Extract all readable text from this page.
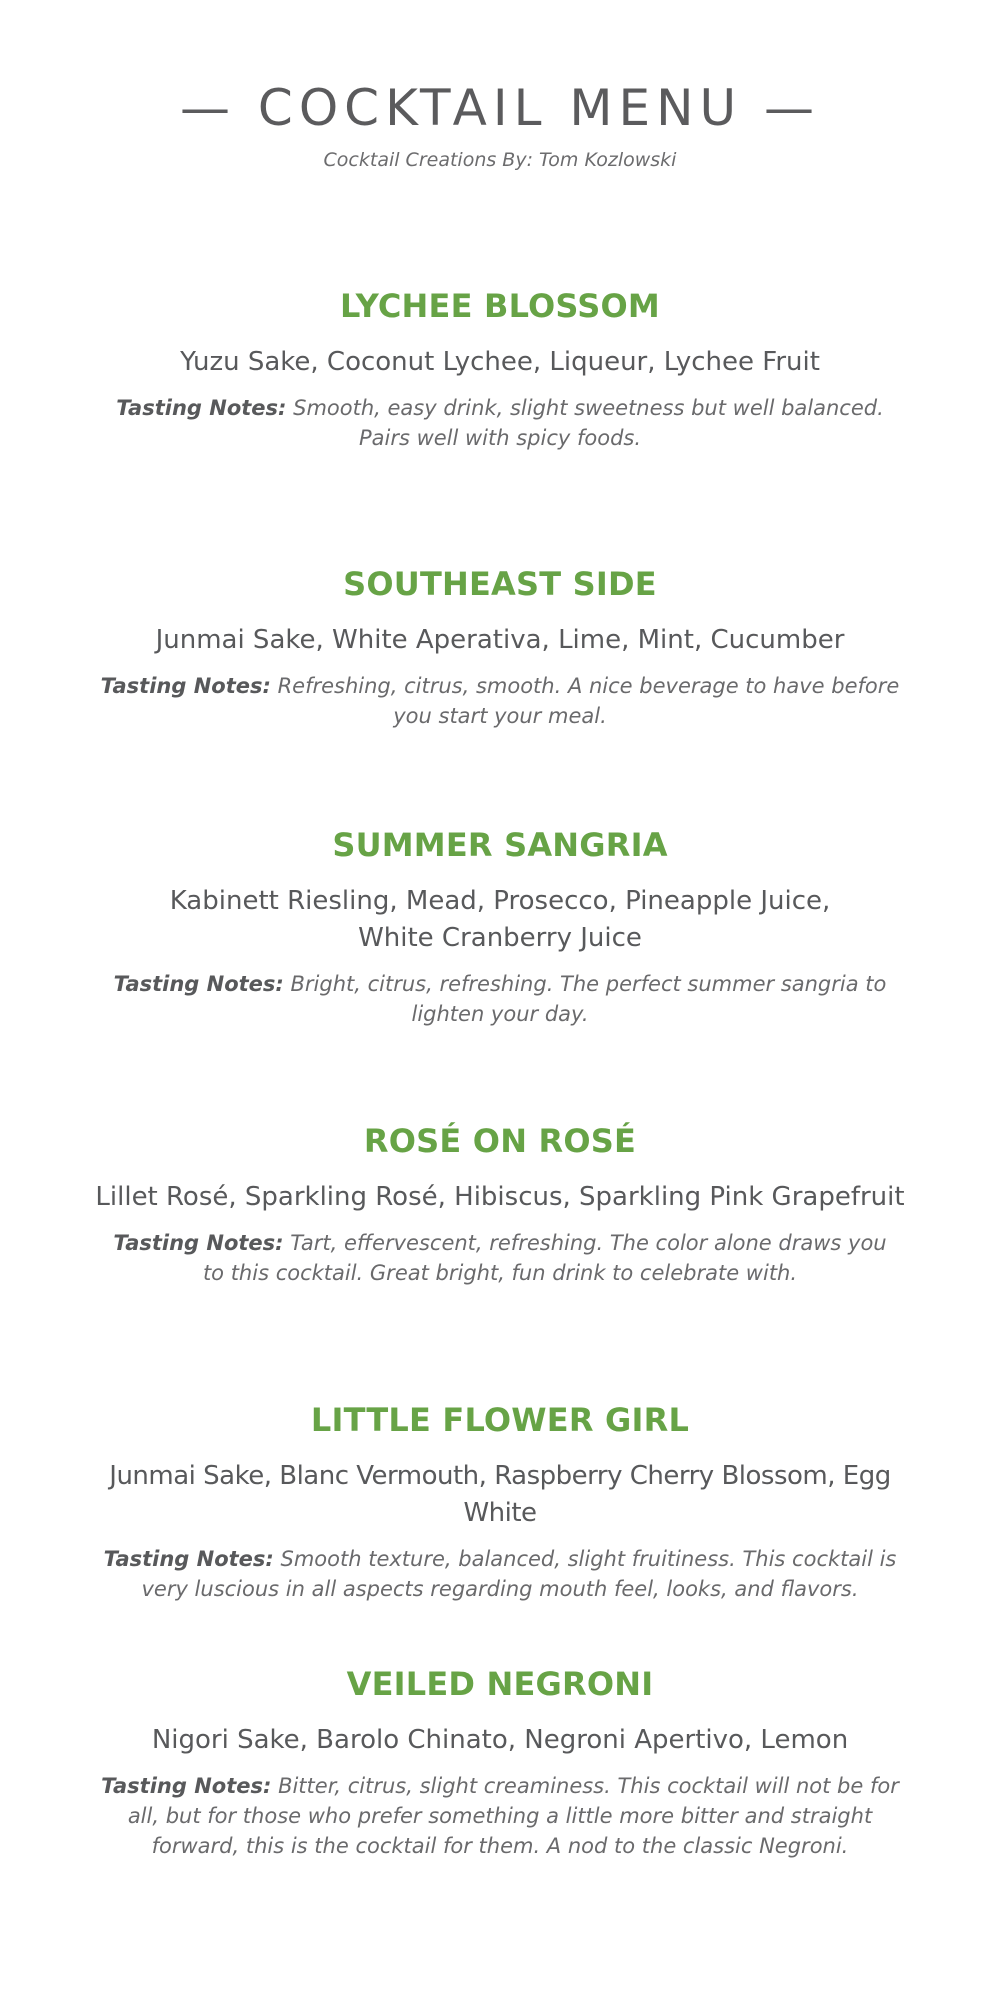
— COCKTAIL MENU —
Cocktail Creations By: Tom Kozlowski
LYCHEE BLOSSOM
Yuzu Sake, Coconut Lychee, Liqueur, Lychee Fruit
Tasting Notes: Smooth, easy drink, slight sweetness but well balanced. Pairs well with spicy foods.
SOUTHEAST SIDE
Junmai Sake, White Aperativa, Lime, Mint, Cucumber
Tasting Notes: Refreshing, citrus, smooth. A nice beverage to have before you start your meal.
SUMMER SANGRIA
Kabinett Riesling, Mead, Prosecco, Pineapple Juice, White Cranberry Juice
Tasting Notes: Bright, citrus, refreshing. The perfect summer sangria to lighten your day.
ROSÉ ON ROSÉ
Lillet Rosé, Sparkling Rosé, Hibiscus, Sparkling Pink Grapefruit
Tasting Notes: Tart, effervescent, refreshing. The color alone draws you to this cocktail. Great bright, fun drink to celebrate with.
LITTLE FLOWER GIRL
Junmai Sake, Blanc Vermouth, Raspberry Cherry Blossom, Egg White
Tasting Notes: Smooth texture, balanced, slight fruitiness. This cocktail is very luscious in all aspects regarding mouth feel, looks, and flavors.
VEILED NEGRONI
Nigori Sake, Barolo Chinato, Negroni Apertivo, Lemon
Tasting Notes: Bitter, citrus, slight creaminess. This cocktail will not be for all, but for those who prefer something a little more bitter and straight forward, this is the cocktail for them. A nod to the classic Negroni.
